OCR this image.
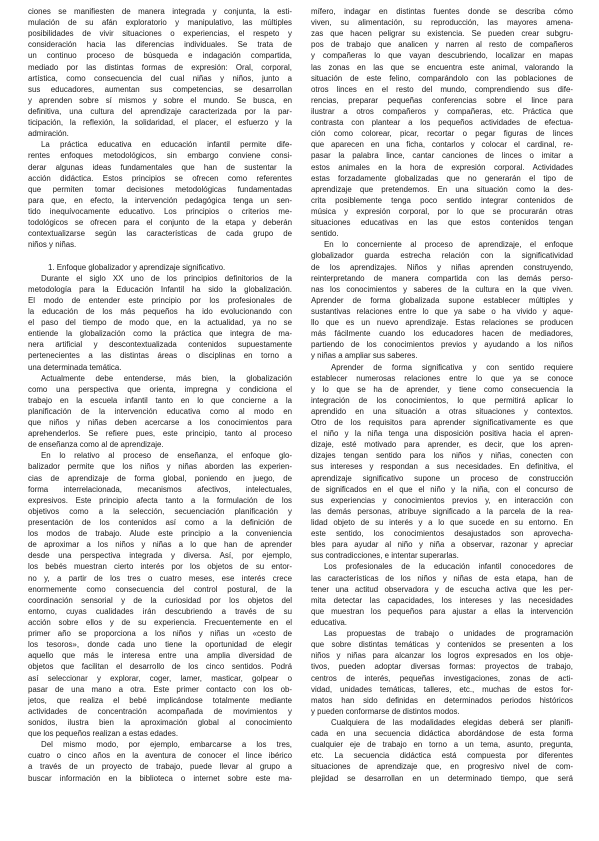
ciones se manifiesten de manera integrada y conjunta, la esti-
mulación de su afán exploratorio y manipulativo, las múltiples
posibilidades de vivir situaciones o experiencias, el respeto y
consideración hacia las diferencias individuales. Se trata de
un continuo proceso de búsqueda e indagación compartida,
mediado por las distintas formas de expresión: Oral, corporal,
artística, como consecuencia del cual niñas y niños, junto a
sus educadores, aumentan sus competencias, se desarrollan
y aprenden sobre sí mismos y sobre el mundo. Se busca, en
definitiva, una cultura del aprendizaje caracterizada por la par-
ticipación, la reflexión, la solidaridad, el placer, el esfuerzo y la
admiración.
La práctica educativa en educación infantil permite dife-
rentes enfoques metodológicos, sin embargo conviene consi-
derar algunas ideas fundamentales que han de sustentar la
acción didáctica. Estos principios se ofrecen como referentes
que permiten tomar decisiones metodológicas fundamentadas
para que, en efecto, la intervención pedagógica tenga un sen-
tido inequívocamente educativo. Los principios o criterios me-
todológicos se ofrecen para el conjunto de la etapa y deberán
contextualizarse según las características de cada grupo de
niños y niñas.
1. Enfoque globalizador y aprendizaje significativo.
Durante el siglo XX uno de los principios definitorios de la
metodología para la Educación Infantil ha sido la globalización.
El modo de entender este principio por los profesionales de
la educación de los más pequeños ha ido evolucionando con
el paso del tiempo de modo que, en la actualidad, ya no se
entiende la globalización como la práctica que integra de ma-
nera artificial y descontextualizada contenidos supuestamente
pertenecientes a las distintas áreas o disciplinas en torno a
una determinada temática.
Actualmente debe entenderse, más bien, la globalización
como una perspectiva que orienta, impregna y condiciona el
trabajo en la escuela infantil tanto en lo que concierne a la
planificación de la intervención educativa como al modo en
que niños y niñas deben acercarse a los conocimientos para
aprehenderlos. Se refiere pues, este principio, tanto al proceso
de enseñanza como al de aprendizaje.
En lo relativo al proceso de enseñanza, el enfoque glo-
balizador permite que los niños y niñas aborden las experien-
cias de aprendizaje de forma global, poniendo en juego, de
forma interrelacionada, mecanismos afectivos, intelectuales,
expresivos. Este principio afecta tanto a la formulación de los
objetivos como a la selección, secuenciación planificación y
presentación de los contenidos así como a la definición de
los modos de trabajo. Alude este principio a la conveniencia
de aproximar a los niños y niñas a lo que han de aprender
desde una perspectiva integrada y diversa. Así, por ejemplo,
los bebés muestran cierto interés por los objetos de su entor-
no y, a partir de los tres o cuatro meses, ese interés crece
enormemente como consecuencia del control postural, de la
coordinación sensorial y de la curiosidad por los objetos del
entorno, cuyas cualidades irán descubriendo a través de su
acción sobre ellos y de su experiencia. Frecuentemente en el
primer año se proporciona a los niños y niñas un «cesto de
los tesoros», donde cada uno tiene la oportunidad de elegir
aquello que más le interesa entre una amplia diversidad de
objetos que facilitan el desarrollo de los cinco sentidos. Podrá
así seleccionar y explorar, coger, lamer, masticar, golpear o
pasar de una mano a otra. Este primer contacto con los ob-
jetos, que realiza el bebé implicándose totalmente mediante
actividades de concentración acompañada de movimientos y
sonidos, ilustra bien la aproximación global al conocimiento
que los pequeños realizan a estas edades.
Del mismo modo, por ejemplo, embarcarse a los tres,
cuatro o cinco años en la aventura de conocer el lince ibérico
a través de un proyecto de trabajo, puede llevar al grupo a
buscar información en la biblioteca o internet sobre este ma-
mífero, indagar en distintas fuentes donde se describa cómo
viven, su alimentación, su reproducción, las mayores amena-
zas que hacen peligrar su existencia. Se pueden crear subgru-
pos de trabajo que analicen y narren al resto de compañeros
y compañeras lo que vayan descubriendo, localizar en mapas
las zonas en las que se encuentra este animal, valorando la
situación de este felino, comparándolo con las poblaciones de
otros linces en el resto del mundo, comprendiendo sus dife-
rencias, preparar pequeñas conferencias sobre el lince para
ilustrar a otros compañeros y compañeras, etc. Práctica que
contrasta con plantear a los pequeños actividades de efectua-
ción como colorear, picar, recortar o pegar figuras de linces
que aparecen en una ficha, contarlos y colocar el cardinal, re-
pasar la palabra lince, cantar canciones de linces o imitar a
estos animales en la hora de expresión corporal. Actividades
estas forzadamente globalizadas que no generarán el tipo de
aprendizaje que pretendemos. En una situación como la des-
crita posiblemente tenga poco sentido integrar contenidos de
música y expresión corporal, por lo que se procurarán otras
situaciones educativas en las que estos contenidos tengan
sentido.
En lo concerniente al proceso de aprendizaje, el enfoque
globalizador guarda estrecha relación con la significatividad
de los aprendizajes. Niños y niñas aprenden construyendo,
reinterpretando de manera compartida con las demás perso-
nas los conocimientos y saberes de la cultura en la que viven.
Aprender de forma globalizada supone establecer múltiples y
sustantivas relaciones entre lo que ya sabe o ha vivido y aque-
llo que es un nuevo aprendizaje. Estas relaciones se producen
más fácilmente cuando los educadores hacen de mediadores,
partiendo de los conocimientos previos y ayudando a los niños
y niñas a ampliar sus saberes.
Aprender de forma significativa y con sentido requiere
establecer numerosas relaciones entre lo que ya se conoce
y lo que se ha de aprender, y tiene como consecuencia la
integración de los conocimientos, lo que permitirá aplicar lo
aprendido en una situación a otras situaciones y contextos.
Otro de los requisitos para aprender significativamente es que
el niño y la niña tenga una disposición positiva hacia el apren-
dizaje, esté motivado para aprender, es decir, que los apren-
dizajes tengan sentido para los niños y niñas, conecten con
sus intereses y respondan a sus necesidades. En definitiva, el
aprendizaje significativo supone un proceso de construcción
de significados en el que el niño y la niña, con el concurso de
sus experiencias y conocimientos previos y, en interacción con
las demás personas, atribuye significado a la parcela de la rea-
lidad objeto de su interés y a lo que sucede en su entorno. En
este sentido, los conocimientos desajustados son aprovecha-
bles para ayudar al niño y niña a observar, razonar y apreciar
sus contradicciones, e intentar superarlas.
Los profesionales de la educación infantil conocedores de
las características de los niños y niñas de esta etapa, han de
tener una actitud observadora y de escucha activa que les per-
mita detectar las capacidades, los intereses y las necesidades
que muestran los pequeños para ajustar a ellas la intervención
educativa.
Las propuestas de trabajo o unidades de programación
que sobre distintas temáticas y contenidos se presenten a los
niños y niñas para alcanzar los logros expresados en los obje-
tivos, pueden adoptar diversas formas: proyectos de trabajo,
centros de interés, pequeñas investigaciones, zonas de acti-
vidad, unidades temáticas, talleres, etc., muchas de estos for-
matos han sido definidas en determinados periodos históricos
y pueden conformarse de distintos modos.
Cualquiera de las modalidades elegidas deberá ser planifi-
cada en una secuencia didáctica abordándose de esta forma
cualquier eje de trabajo en torno a un tema, asunto, pregunta,
etc. La secuencia didáctica está compuesta por diferentes
situaciones de aprendizaje que, en progresivo nivel de com-
plejidad se desarrollan en un determinado tiempo, que será
